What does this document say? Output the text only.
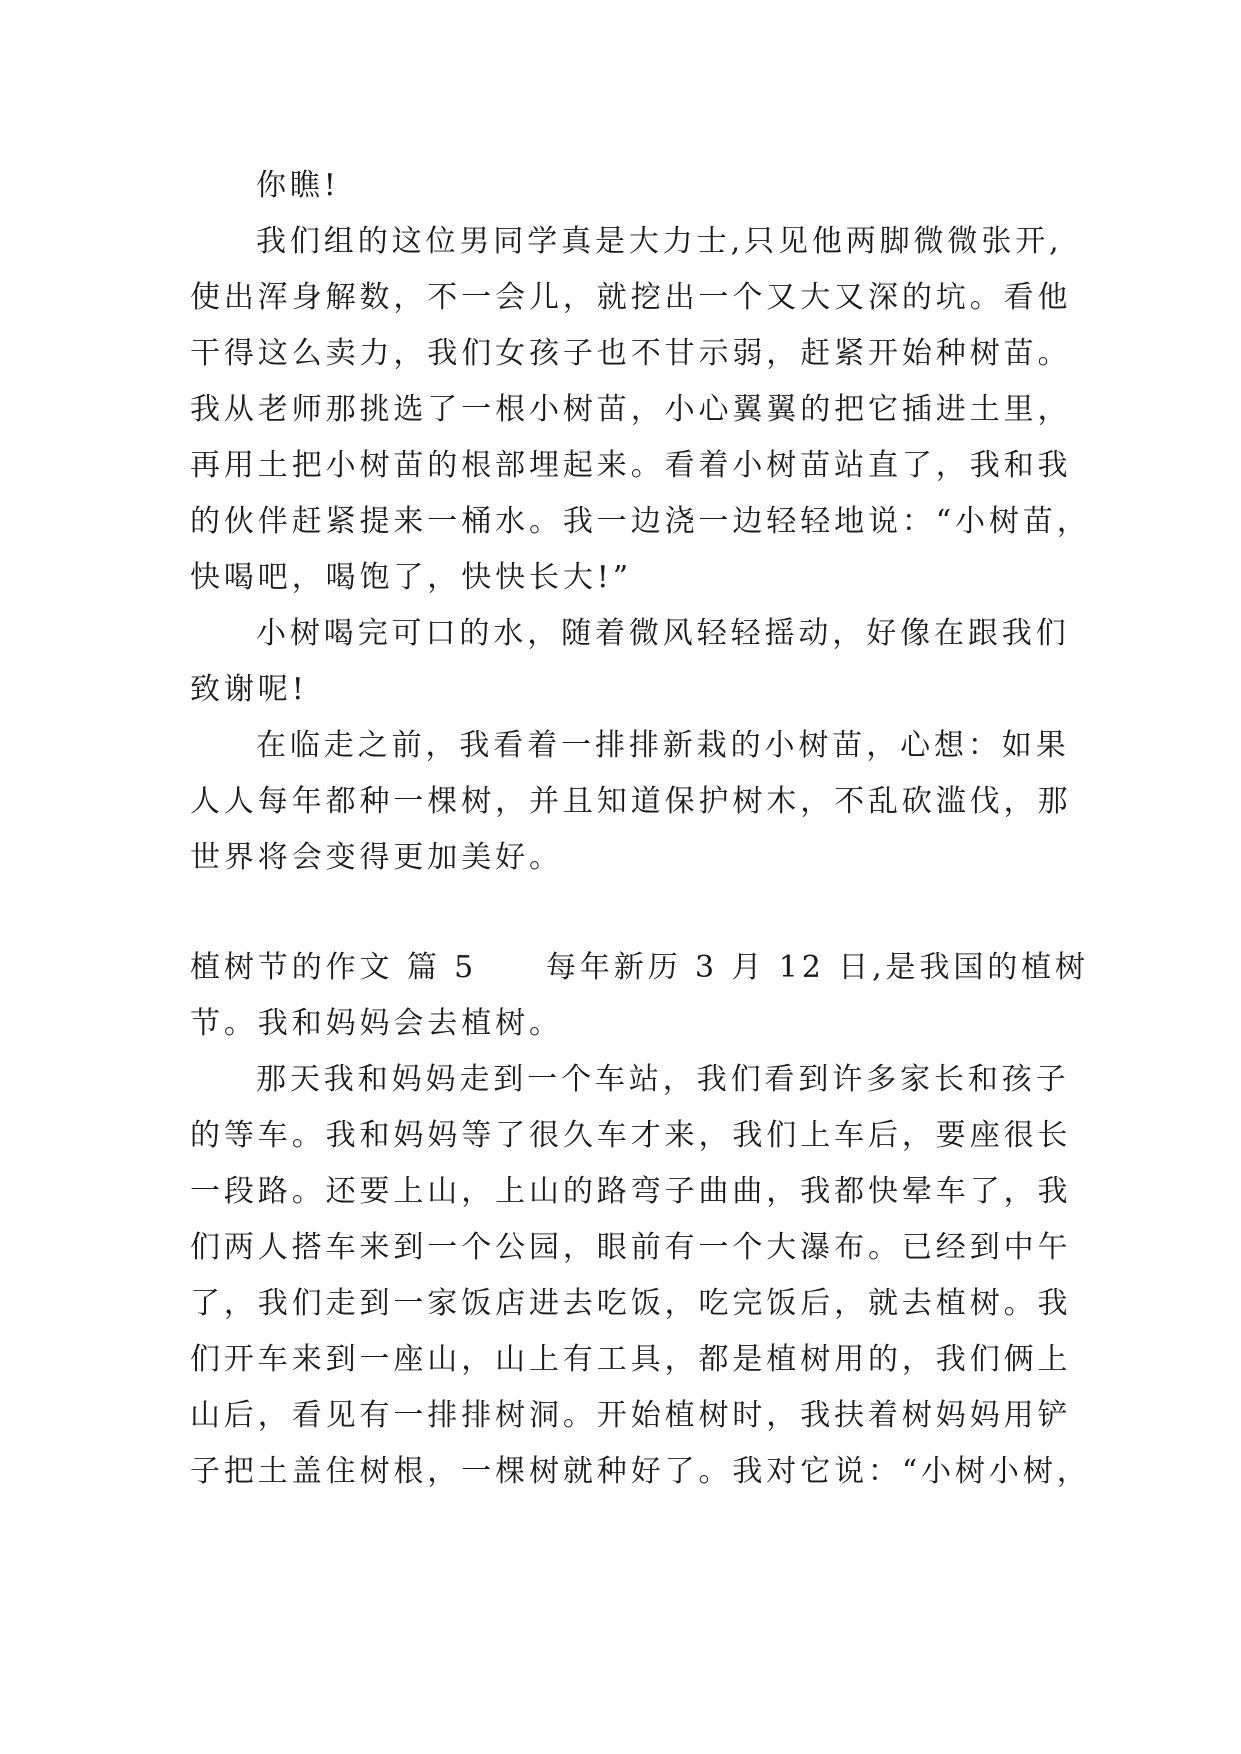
你瞧!
我们组的这位男同学真是大力士,只见他两脚微微张开,
使出浑身解数，不一会儿，就挖出一个又大又深的坑。看他
干得这么卖力，我们女孩子也不甘示弱，赶紧开始种树苗。
我从老师那挑选了一根小树苗，小心翼翼的把它插进土里，
再用土把小树苗的根部埋起来。看着小树苗站直了，我和我
的伙伴赶紧提来一桶水。我一边浇一边轻轻地说：“小树苗，
快喝吧，喝饱了，快快长大!”
小树喝完可口的水，随着微风轻轻摇动，好像在跟我们
致谢呢!
在临走之前，我看着一排排新栽的小树苗，心想：如果
人人每年都种一棵树，并且知道保护树木，不乱砍滥伐，那
世界将会变得更加美好。
植树节的作文 篇 5 每年新历 3 月 12 日,是我国的植树
节。我和妈妈会去植树。
那天我和妈妈走到一个车站，我们看到许多家长和孩子
的等车。我和妈妈等了很久车才来，我们上车后，要座很长
一段路。还要上山，上山的路弯子曲曲，我都快晕车了，我
们两人搭车来到一个公园，眼前有一个大瀑布。已经到中午
了，我们走到一家饭店进去吃饭，吃完饭后，就去植树。我
们开车来到一座山，山上有工具，都是植树用的，我们俩上
山后，看见有一排排树洞。开始植树时，我扶着树妈妈用铲
子把土盖住树根，一棵树就种好了。我对它说：“小树小树，
